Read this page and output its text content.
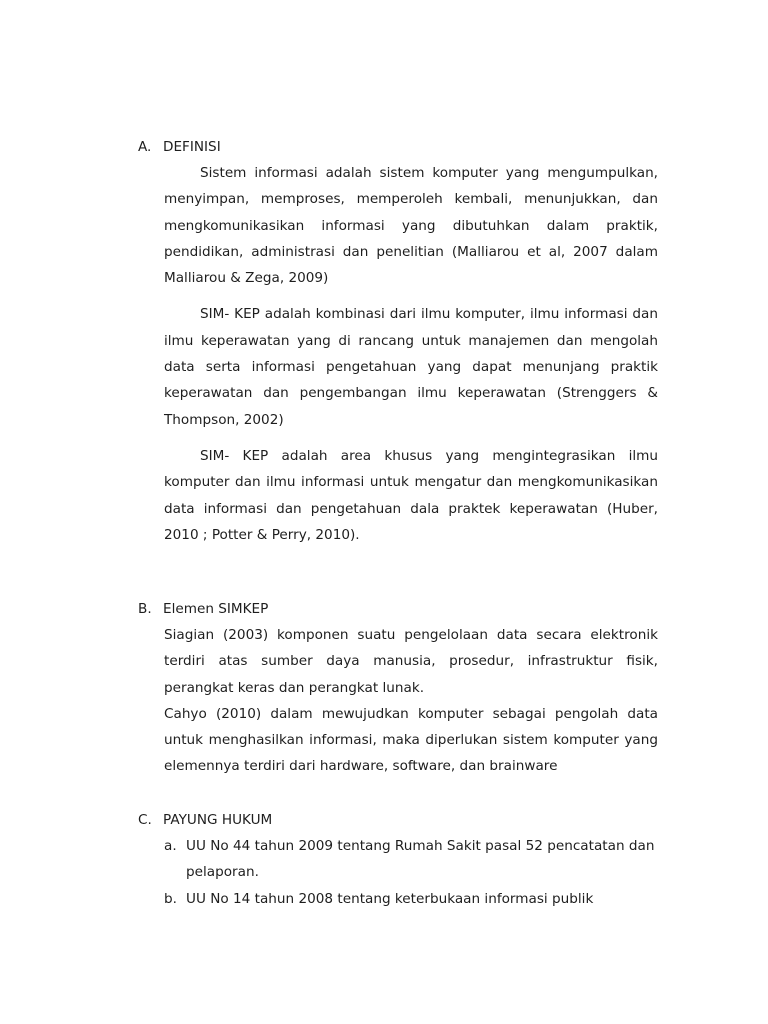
A. DEFINISI

Sistem informasi adalah sistem komputer yang mengumpulkan, menyimpan, memproses, memperoleh kembali, menunjukkan, dan mengkomunikasikan informasi yang dibutuhkan dalam praktik, pendidikan, administrasi dan penelitian (Malliarou et al, 2007 dalam Malliarou & Zega, 2009)

SIM- KEP adalah kombinasi dari ilmu komputer, ilmu informasi dan ilmu keperawatan yang di rancang untuk manajemen dan mengolah data serta informasi pengetahuan yang dapat menunjang praktik keperawatan dan pengembangan ilmu keperawatan (Strenggers & Thompson, 2002)

SIM- KEP adalah area khusus yang mengintegrasikan ilmu komputer dan ilmu informasi untuk mengatur dan mengkomunikasikan data informasi dan pengetahuan dala praktek keperawatan (Huber, 2010 ; Potter & Perry, 2010).

B. Elemen SIMKEP

Siagian (2003) komponen suatu pengelolaan data secara elektronik terdiri atas sumber daya manusia, prosedur, infrastruktur fisik, perangkat keras dan perangkat lunak.

Cahyo (2010) dalam mewujudkan komputer sebagai pengolah data untuk menghasilkan informasi, maka diperlukan sistem komputer yang elemennya terdiri dari hardware, software, dan brainware

C. PAYUNG HUKUM
a. UU No 44 tahun 2009 tentang Rumah Sakit pasal 52 pencatatan dan pelaporan.
b. UU No 14 tahun 2008 tentang keterbukaan informasi publik
